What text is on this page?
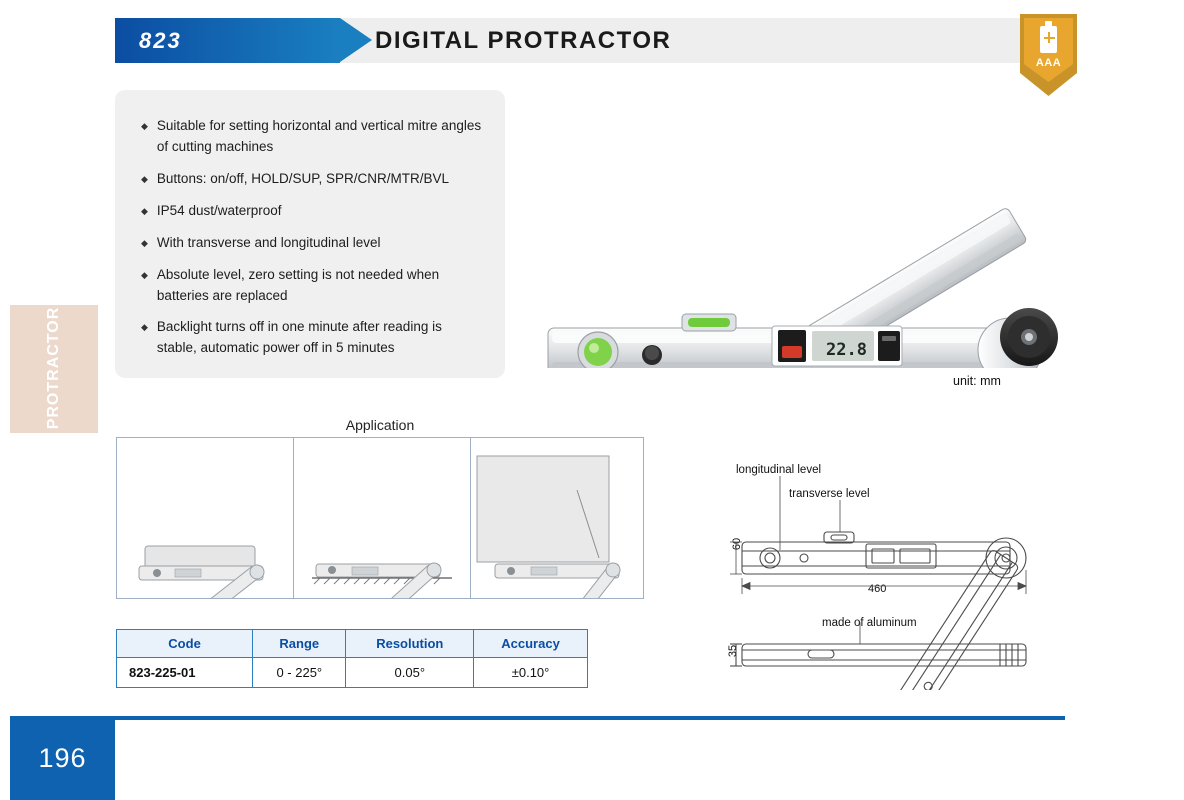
823	DIGITAL PROTRACTOR
AAA
PROTRACTOR
◆ Suitable for setting horizontal and vertical mitre angles of cutting machines
◆ Buttons: on/off, HOLD/SUP, SPR/CNR/MTR/BVL
◆ IP54 dust/waterproof
◆ With transverse and longitudinal level
◆ Absolute level, zero setting is not needed when batteries are replaced
◆ Backlight turns off in one minute after reading is stable, automatic power off in 5 minutes	22.8
Application
Code	Range	Resolution	Accuracy
823-225-01	0 - 225°	0.05°	±0.10°
unit: mm
longitudinal level
transverse level
made of aluminum
460
60
35
196
